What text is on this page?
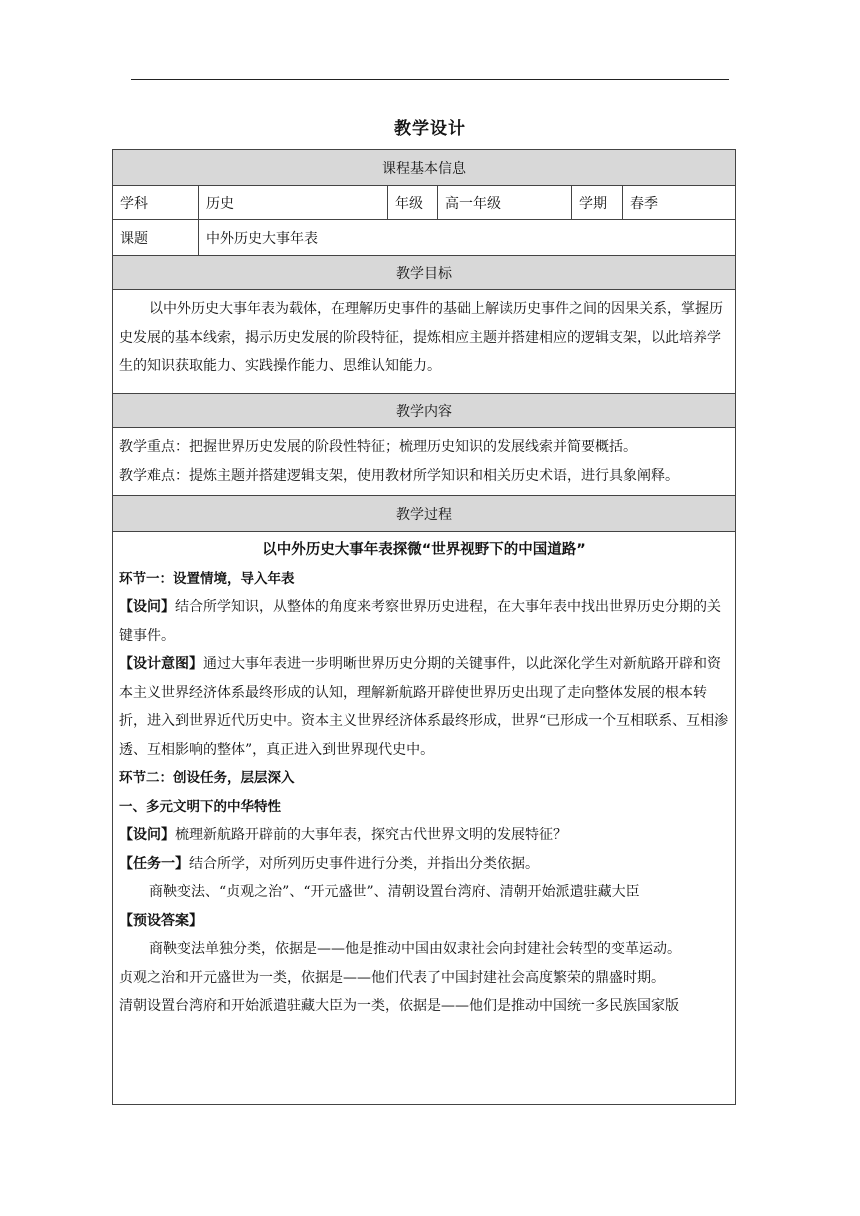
教学设计
课程基本信息
学科	历史	年级	高一年级	学期	春季
课题	中外历史大事年表
教学目标

以中外历史大事年表为载体，在理解历史事件的基础上解读历史事件之间的因果关系，掌握历史发展的基本线索，揭示历史发展的阶段特征，提炼相应主题并搭建相应的逻辑支架，以此培养学生的知识获取能力、实践操作能力、思维认知能力。

教学内容

教学重点：把握世界历史发展的阶段性特征；梳理历史知识的发展线索并简要概括。

教学难点：提炼主题并搭建逻辑支架，使用教材所学知识和相关历史术语，进行具象阐释。

教学过程

以中外历史大事年表探微“世界视野下的中国道路”

环节一：设置情境，导入年表

【设问】结合所学知识，从整体的角度来考察世界历史进程，在大事年表中找出世界历史分期的关键事件。

【设计意图】通过大事年表进一步明晰世界历史分期的关键事件，以此深化学生对新航路开辟和资本主义世界经济体系最终形成的认知，理解新航路开辟使世界历史出现了走向整体发展的根本转折，进入到世界近代历史中。资本主义世界经济体系最终形成，世界“已形成一个互相联系、互相渗透、互相影响的整体”，真正进入到世界现代史中。

环节二：创设任务，层层深入

一、多元文明下的中华特性

【设问】梳理新航路开辟前的大事年表，探究古代世界文明的发展特征？

【任务一】结合所学，对所列历史事件进行分类，并指出分类依据。

商鞅变法、“贞观之治”、“开元盛世”、清朝设置台湾府、清朝开始派遣驻藏大臣

【预设答案】

商鞅变法单独分类，依据是——他是推动中国由奴隶社会向封建社会转型的变革运动。

贞观之治和开元盛世为一类，依据是——他们代表了中国封建社会高度繁荣的鼎盛时期。

清朝设置台湾府和开始派遣驻藏大臣为一类，依据是——他们是推动中国统一多民族国家版
